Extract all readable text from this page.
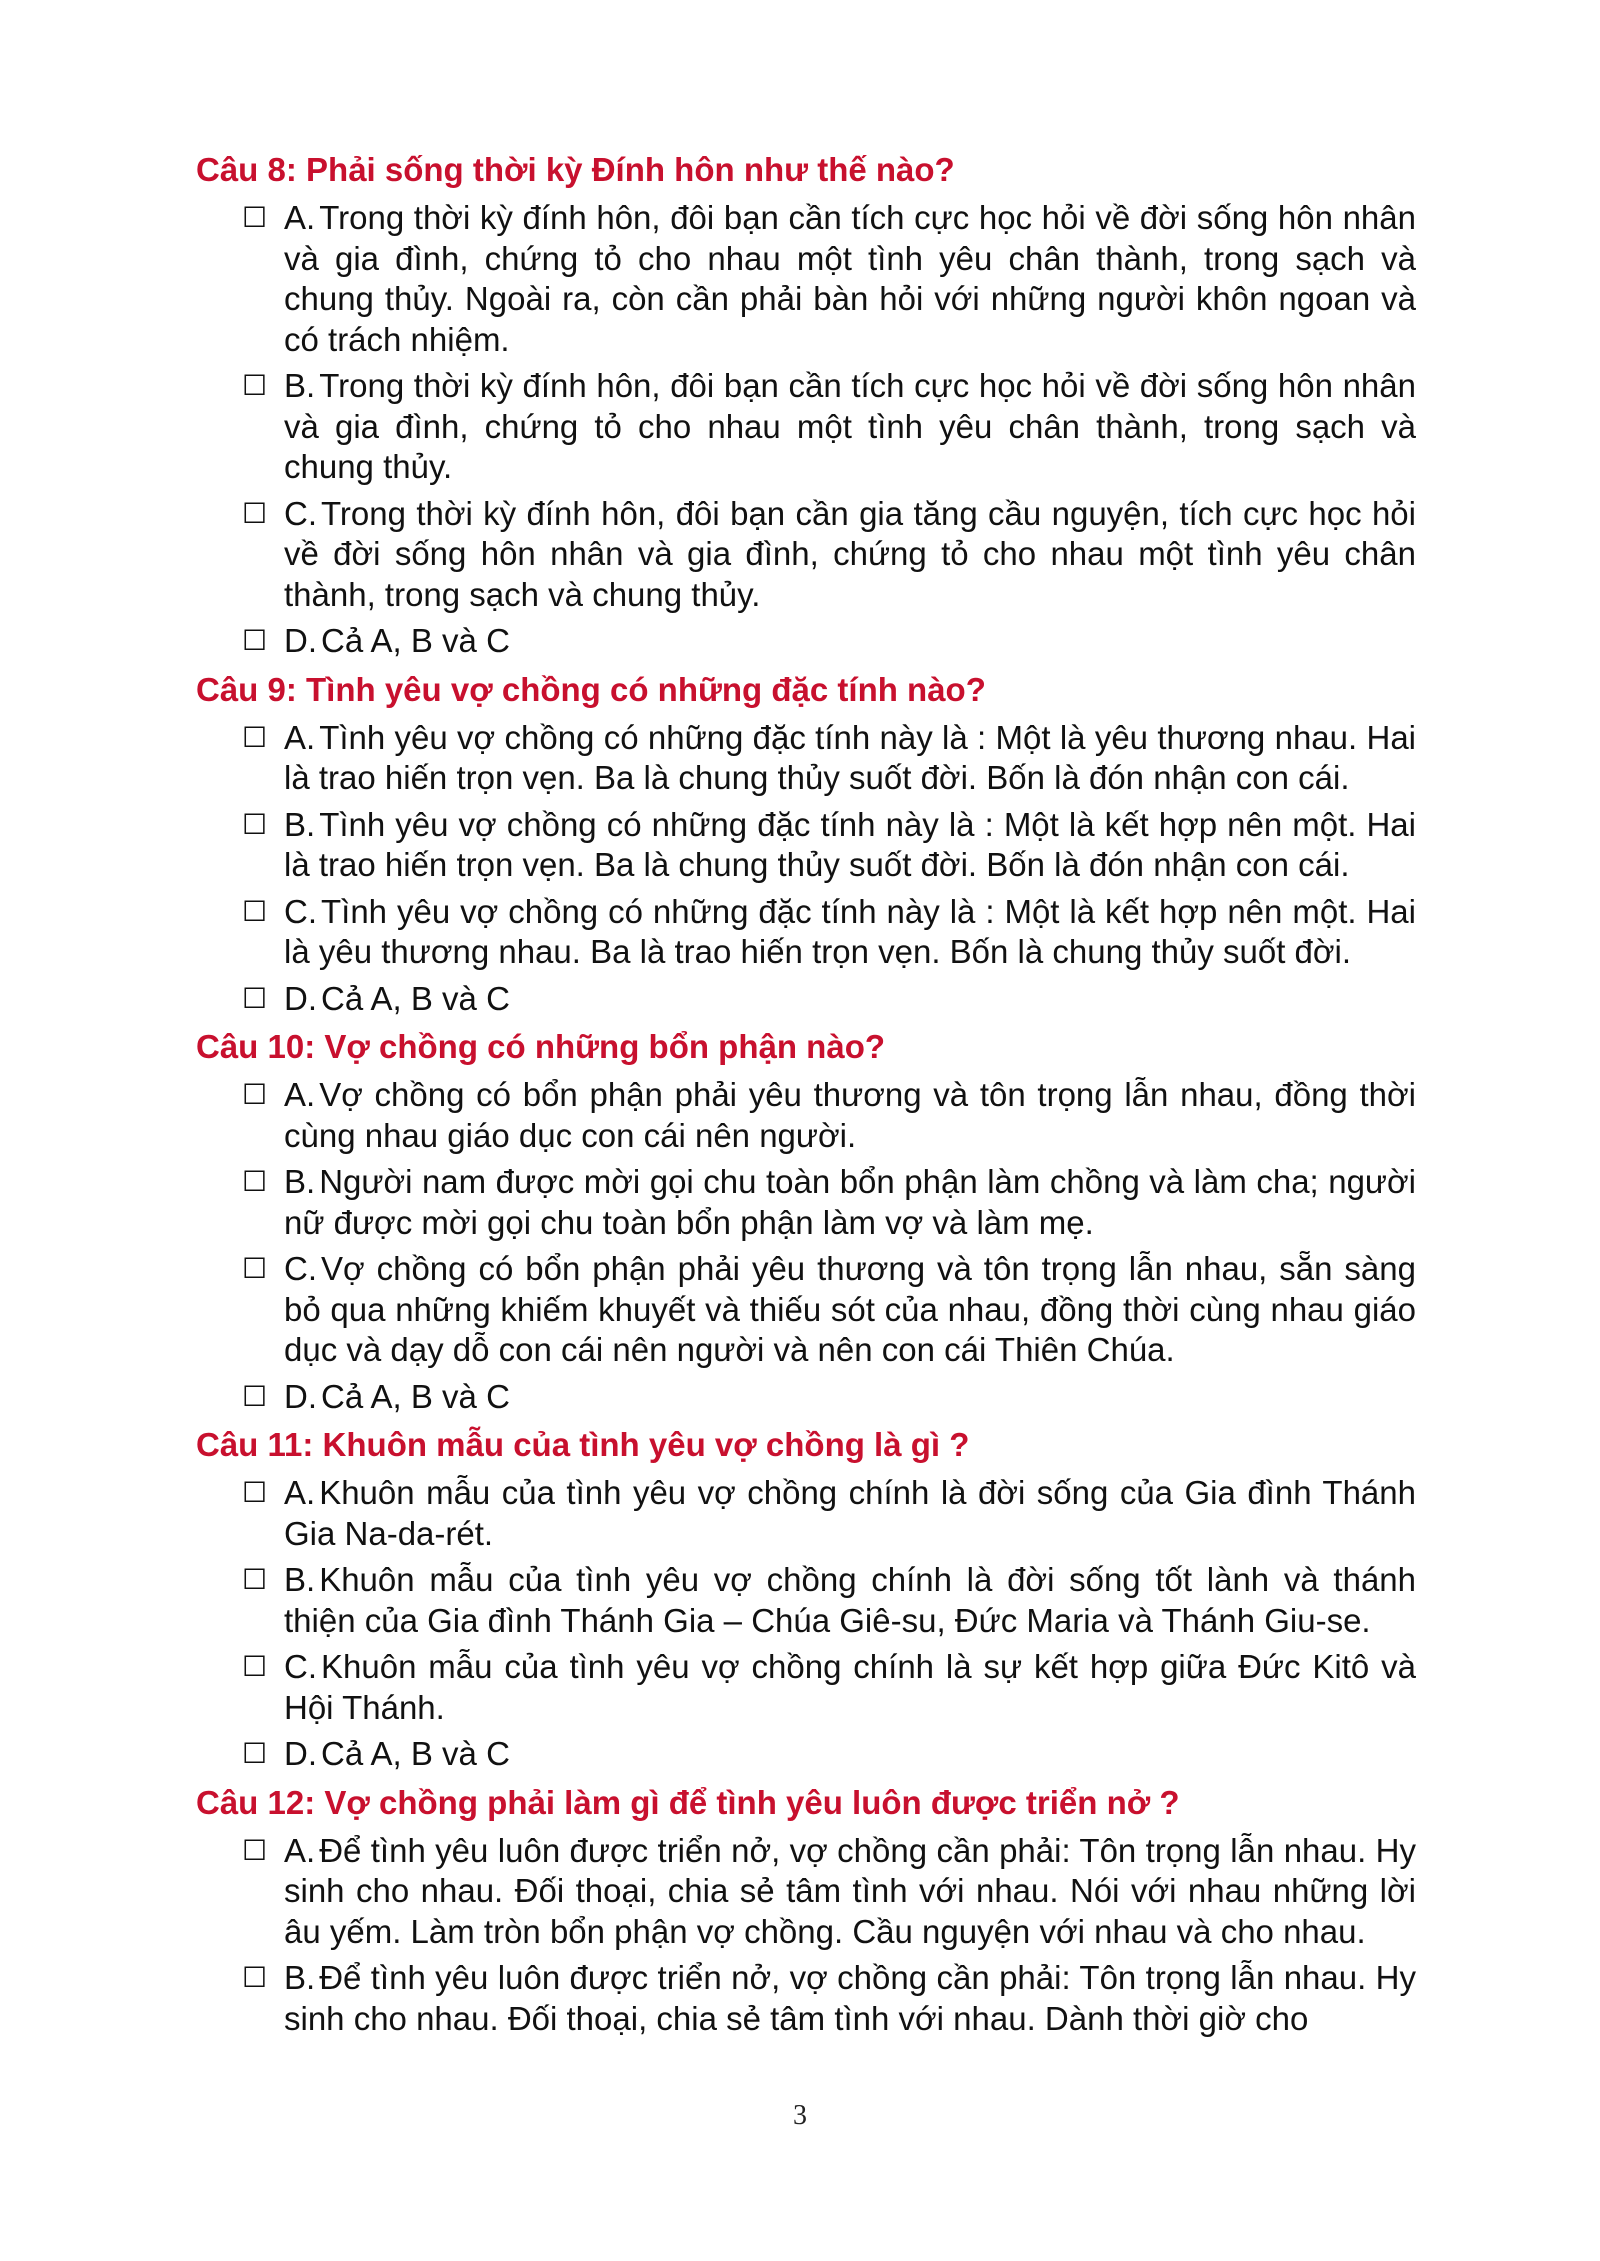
Câu 8: Phải sống thời kỳ Đính hôn như thế nào?
☐ A. Trong thời kỳ đính hôn, đôi bạn cần tích cực học hỏi về đời sống hôn nhân và gia đình, chứng tỏ cho nhau một tình yêu chân thành, trong sạch và chung thủy. Ngoài ra, còn cần phải bàn hỏi với những người khôn ngoan và có trách nhiệm.
☐ B. Trong thời kỳ đính hôn, đôi bạn cần tích cực học hỏi về đời sống hôn nhân và gia đình, chứng tỏ cho nhau một tình yêu chân thành, trong sạch và chung thủy.
☐ C. Trong thời kỳ đính hôn, đôi bạn cần gia tăng cầu nguyện, tích cực học hỏi về đời sống hôn nhân và gia đình, chứng tỏ cho nhau một tình yêu chân thành, trong sạch và chung thủy.
☐ D. Cả A, B và C
Câu 9: Tình yêu vợ chồng có những đặc tính nào?
☐ A. Tình yêu vợ chồng có những đặc tính này là : Một là yêu thương nhau. Hai là trao hiến trọn vẹn. Ba là chung thủy suốt đời. Bốn là đón nhận con cái.
☐ B. Tình yêu vợ chồng có những đặc tính này là : Một là kết hợp nên một. Hai là trao hiến trọn vẹn. Ba là chung thủy suốt đời. Bốn là đón nhận con cái.
☐ C. Tình yêu vợ chồng có những đặc tính này là : Một là kết hợp nên một. Hai là yêu thương nhau. Ba là trao hiến trọn vẹn. Bốn là chung thủy suốt đời.
☐ D. Cả A, B và C
Câu 10: Vợ chồng có những bổn phận nào?
☐ A. Vợ chồng có bổn phận phải yêu thương và tôn trọng lẫn nhau, đồng thời cùng nhau giáo dục con cái nên người.
☐ B. Người nam được mời gọi chu toàn bổn phận làm chồng và làm cha; người nữ được mời gọi chu toàn bổn phận làm vợ và làm mẹ.
☐ C. Vợ chồng có bổn phận phải yêu thương và tôn trọng lẫn nhau, sẵn sàng bỏ qua những khiếm khuyết và thiếu sót của nhau, đồng thời cùng nhau giáo dục và dạy dỗ con cái nên người và nên con cái Thiên Chúa.
☐ D. Cả A, B và C
Câu 11: Khuôn mẫu của tình yêu vợ chồng là gì ?
☐ A. Khuôn mẫu của tình yêu vợ chồng chính là đời sống của Gia đình Thánh Gia Na-da-rét.
☐ B. Khuôn mẫu của tình yêu vợ chồng chính là đời sống tốt lành và thánh thiện của Gia đình Thánh Gia – Chúa Giê-su, Đức Maria và Thánh Giu-se.
☐ C. Khuôn mẫu của tình yêu vợ chồng chính là sự kết hợp giữa Đức Kitô và Hội Thánh.
☐ D. Cả A, B và C
Câu 12: Vợ chồng phải làm gì để tình yêu luôn được triển nở ?
☐ A. Để tình yêu luôn được triển nở, vợ chồng cần phải: Tôn trọng lẫn nhau. Hy sinh cho nhau. Đối thoại, chia sẻ tâm tình với nhau. Nói với nhau những lời âu yếm. Làm tròn bổn phận vợ chồng. Cầu nguyện với nhau và cho nhau.
☐ B. Để tình yêu luôn được triển nở, vợ chồng cần phải: Tôn trọng lẫn nhau. Hy sinh cho nhau. Đối thoại, chia sẻ tâm tình với nhau. Dành thời giờ cho
3
